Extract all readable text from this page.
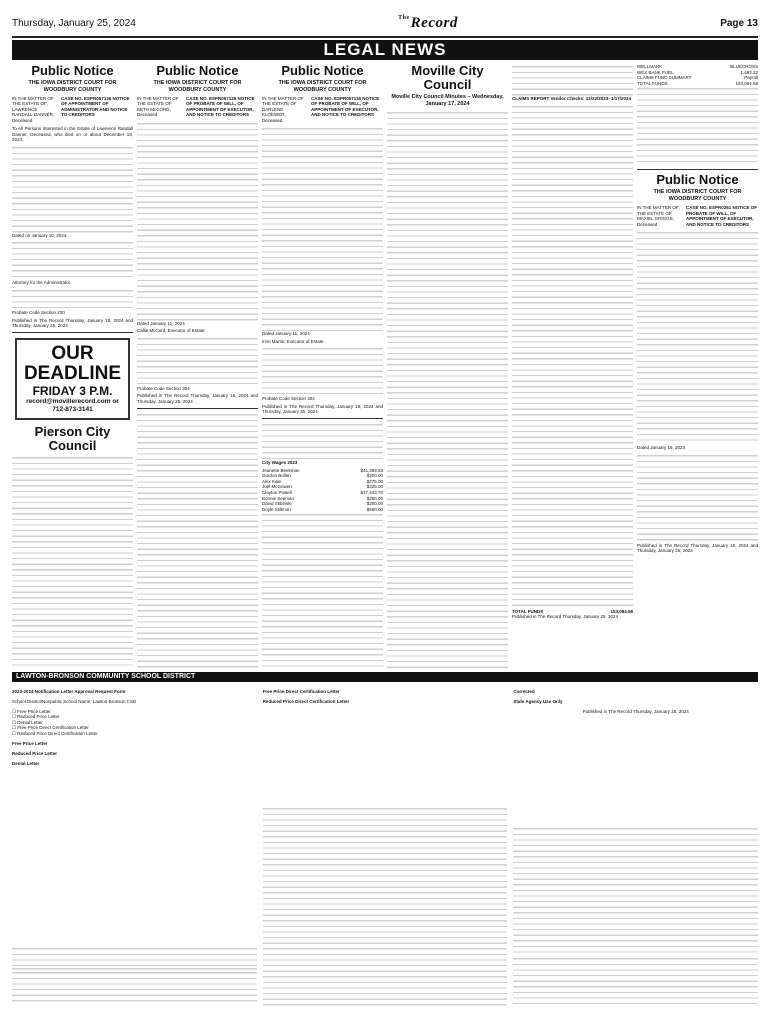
Thursday, January 25, 2024	$^{The}$Record	Page 13
LEGAL NEWS
Public Notice
THE IOWA DISTRICT COURT FOR WOODBURY COUNTY
IN THE MATTER OF THE ESTATE OF LAWRENCE RANDALL DANNER, Deceased.
CASE NO. ESPR057136 NOTICE OF APPOINTMENT OF ADMINISTRATOR AND NOTICE TO CREDITORS

To All Persons Interested in the Estate of Lawrence Randall Danner, Deceased, who died on or about December 19, 2023:

Dated on January 10, 2024.

Attorney for the Administrator

Probate Code Section 230

Published in The Record Thursday, January 18, 2024 and Thursday, January 25, 2024

OUR DEADLINE
FRIDAY 3 P.M.
record@movillerecord.com or 712-873-3141
Pierson City Council
Public Notice
THE IOWA DISTRICT COURT FOR WOODBURY COUNTY
IN THE MATTER OF THE ESTATE OF BETH McCORD, Deceased.
CASE NO. ESPR057126 NOTICE OF PROBATE OF WILL, OF APPOINTMENT OF EXECUTOR, AND NOTICE TO CREDITORS

Dated January 11, 2024

Callie McCord, Executor of Estate

Probate Code Section 304

Published in The Record Thursday, January 18, 2024 and Thursday, January 25, 2024

Public Notice
THE IOWA DISTRICT COURT FOR WOODBURY COUNTY
IN THE MATTER OF THE ESTATE OF DARLENE KLOEWER, Deceased.
CASE NO. ESPR057116 NOTICE OF PROBATE OF WILL, OF APPOINTMENT OF EXECUTOR, AND NOTICE TO CREDITORS

Dated January 11, 2024

Irvin Martin, Executor of Estate

Probate Code Section 304

Published in The Record Thursday, January 18, 2024 and Thursday, January 25, 2024

City Wages 2023

Jeanette Beekman	$41,369.63
Gordon Bollen	$200.00
Alex Kale	$275.00
Joel McGowen	$325.00
Clayton Powell	$37,443.70
Bonnie Seeman	$250.00
David Skbinski	$200.00
Doyle Stillmon	$650.00
Moville City Council
Moville City Council Minutes – Wednesday, January 17, 2024

CLAIMS REPORT Vendor Checks: 12/22/2023- 1/17/2024

TOTAL FUNDS	153,084.58

Published in The Record Thursday, January 25, 2024

WELLMARK	BLUECROSS
WEX BANK FUEL	1,493.22
CLAIMS FUND SUMMARY	Payroll
TOTAL FUNDS	153,084.58
Public Notice
THE IOWA DISTRICT COURT FOR WOODBURY COUNTY
IN THE MATTER OF THE ESTATE OF MAXIEL GRIGGS, Deceased
CASE NO. ESPR0261 NOTICE OF PROBATE OF WILL, OF APPOINTMENT OF EXECUTOR, AND NOTICE TO CREDITORS

Dated January 16, 2024

Published in The Record Thursday, January 18, 2024 and Thursday, January 25, 2024

LAWTON-BRONSON COMMUNITY SCHOOL DISTRICT

2023-2024 Notification Letter Approval Request Form

School District/Nonpublic School Name: Lawton-Bronson CSD

☐ Free Price Letter
☐ Reduced Price Letter
☐ Denial Letter
☐ Free Price Direct Certification Letter
☐ Reduced Price Direct Certification Letter

Free Price Letter

Reduced Price Letter

Denial Letter

Free Price Direct Certification Letter

Reduced Price Direct Certification Letter

Corrected

State Agency Use Only

Published in The Record Thursday, January 25, 2024
